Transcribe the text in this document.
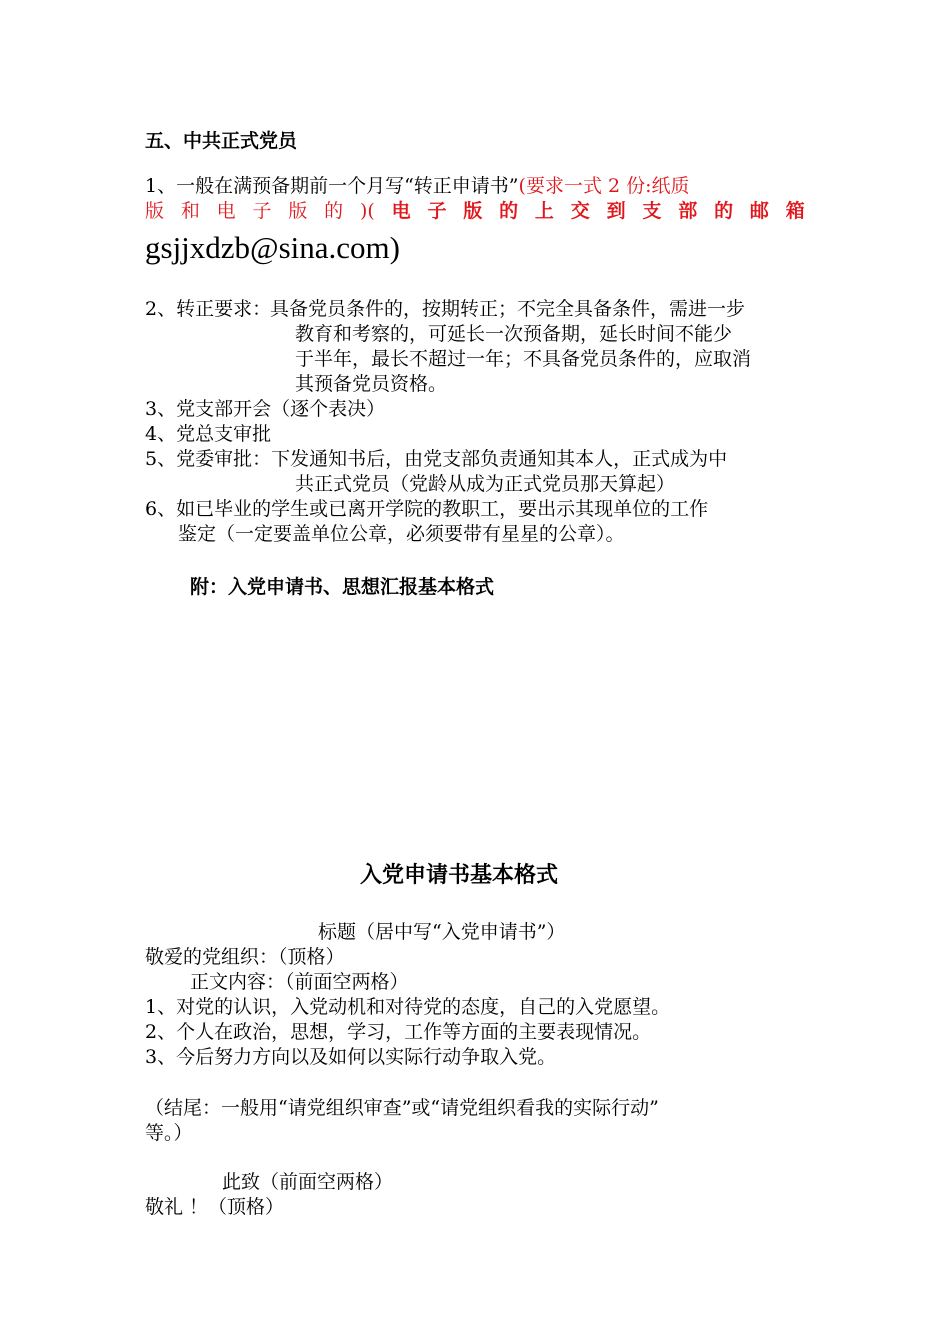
五、中共正式党员
1、一般在满预备期前一个月写“转正申请书”(要求一式 2 份:纸质
版 和 电 子 版 的 )( 电 子 版 的 上 交 到 支 部 的 邮 箱
gsjjxdzb@sina.com)
2、转正要求：
具备党员条件的，按期转正；不完全具备条件，需进一步
教育和考察的，可延长一次预备期，延长时间不能少
于半年，最长不超过一年；不具备党员条件的，应取消
其预备党员资格。
3、党支部开会（逐个表决）
4、党总支审批
5、党委审批：下发通知书后，由党支部负责通知其本人，正式成为中
共正式党员（党龄从成为正式党员那天算起）
6、如已毕业的学生或已离开学院的教职工，要出示其现单位的工作
鉴定（一定要盖单位公章，必须要带有星星的公章）。
附：入党申请书、思想汇报基本格式
入党申请书基本格式
标题（居中写“入党申请书”）
敬爱的党组织：（顶格）
正文内容：（前面空两格）
1、对党的认识，入党动机和对待党的态度，自己的入党愿望。
2、个人在政治，思想，学习，工作等方面的主要表现情况。
3、今后努力方向以及如何以实际行动争取入党。
（结尾：一般用“请党组织审查”或“请党组织看我的实际行动”
等。）
此致（前面空两格）
敬礼 ！（顶格）
